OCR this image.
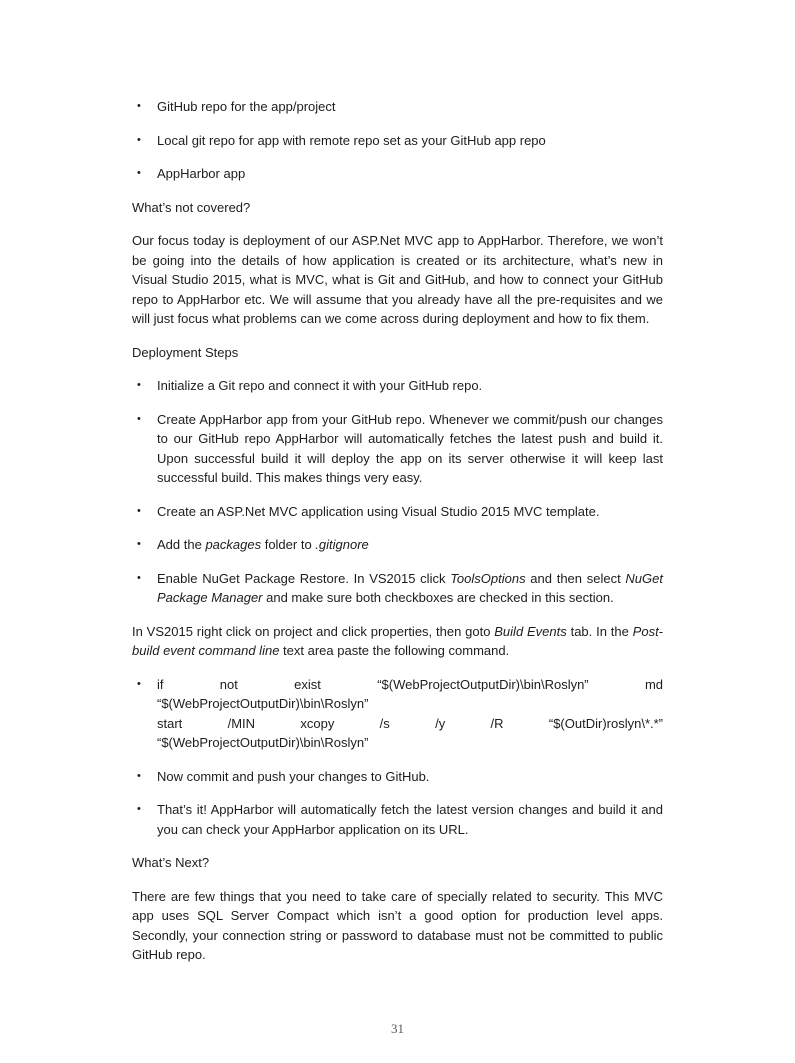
•	GitHub repo for the app/project
•	Local git repo for app with remote repo set as your GitHub app repo
•	AppHarbor app

What’s not covered?

Our focus today is deployment of our ASP.Net MVC app to AppHarbor. Therefore, we won’t be going into the details of how application is created or its architecture, what’s new in Visual Studio 2015, what is MVC, what is Git and GitHub, and how to connect your GitHub repo to AppHarbor etc. We will assume that you already have all the pre-requisites and we will just focus what problems can we come across during deployment and how to fix them.

Deployment Steps

•	Initialize a Git repo and connect it with your GitHub repo.
•	Create AppHarbor app from your GitHub repo. Whenever we commit/push our changes to our GitHub repo AppHarbor will automatically fetches the latest push and build it. Upon successful build it will deploy the app on its server otherwise it will keep last successful build. This makes things very easy.
•	Create an ASP.Net MVC application using Visual Studio 2015 MVC template.
•	Add the packages folder to .gitignore
•	Enable NuGet Package Restore. In VS2015 click ToolsOptions and then select NuGet Package Manager and make sure both checkboxes are checked in this section.

In VS2015 right click on project and click properties, then goto Build Events tab. In the Post-build event command line text area paste the following command.

•	if not exist “$(WebProjectOutputDir)\bin\Roslyn” md
“$(WebProjectOutputDir)\bin\Roslyn”
start /MIN xcopy /s /y /R “$(OutDir)roslyn\*.*”
“$(WebProjectOutputDir)\bin\Roslyn”
•	Now commit and push your changes to GitHub.
•	That’s it! AppHarbor will automatically fetch the latest version changes and build it and you can check your AppHarbor application on its URL.

What’s Next?

There are few things that you need to take care of specially related to security. This MVC app uses SQL Server Compact which isn’t a good option for production level apps. Secondly, your connection string or password to database must not be committed to public GitHub repo.

31
